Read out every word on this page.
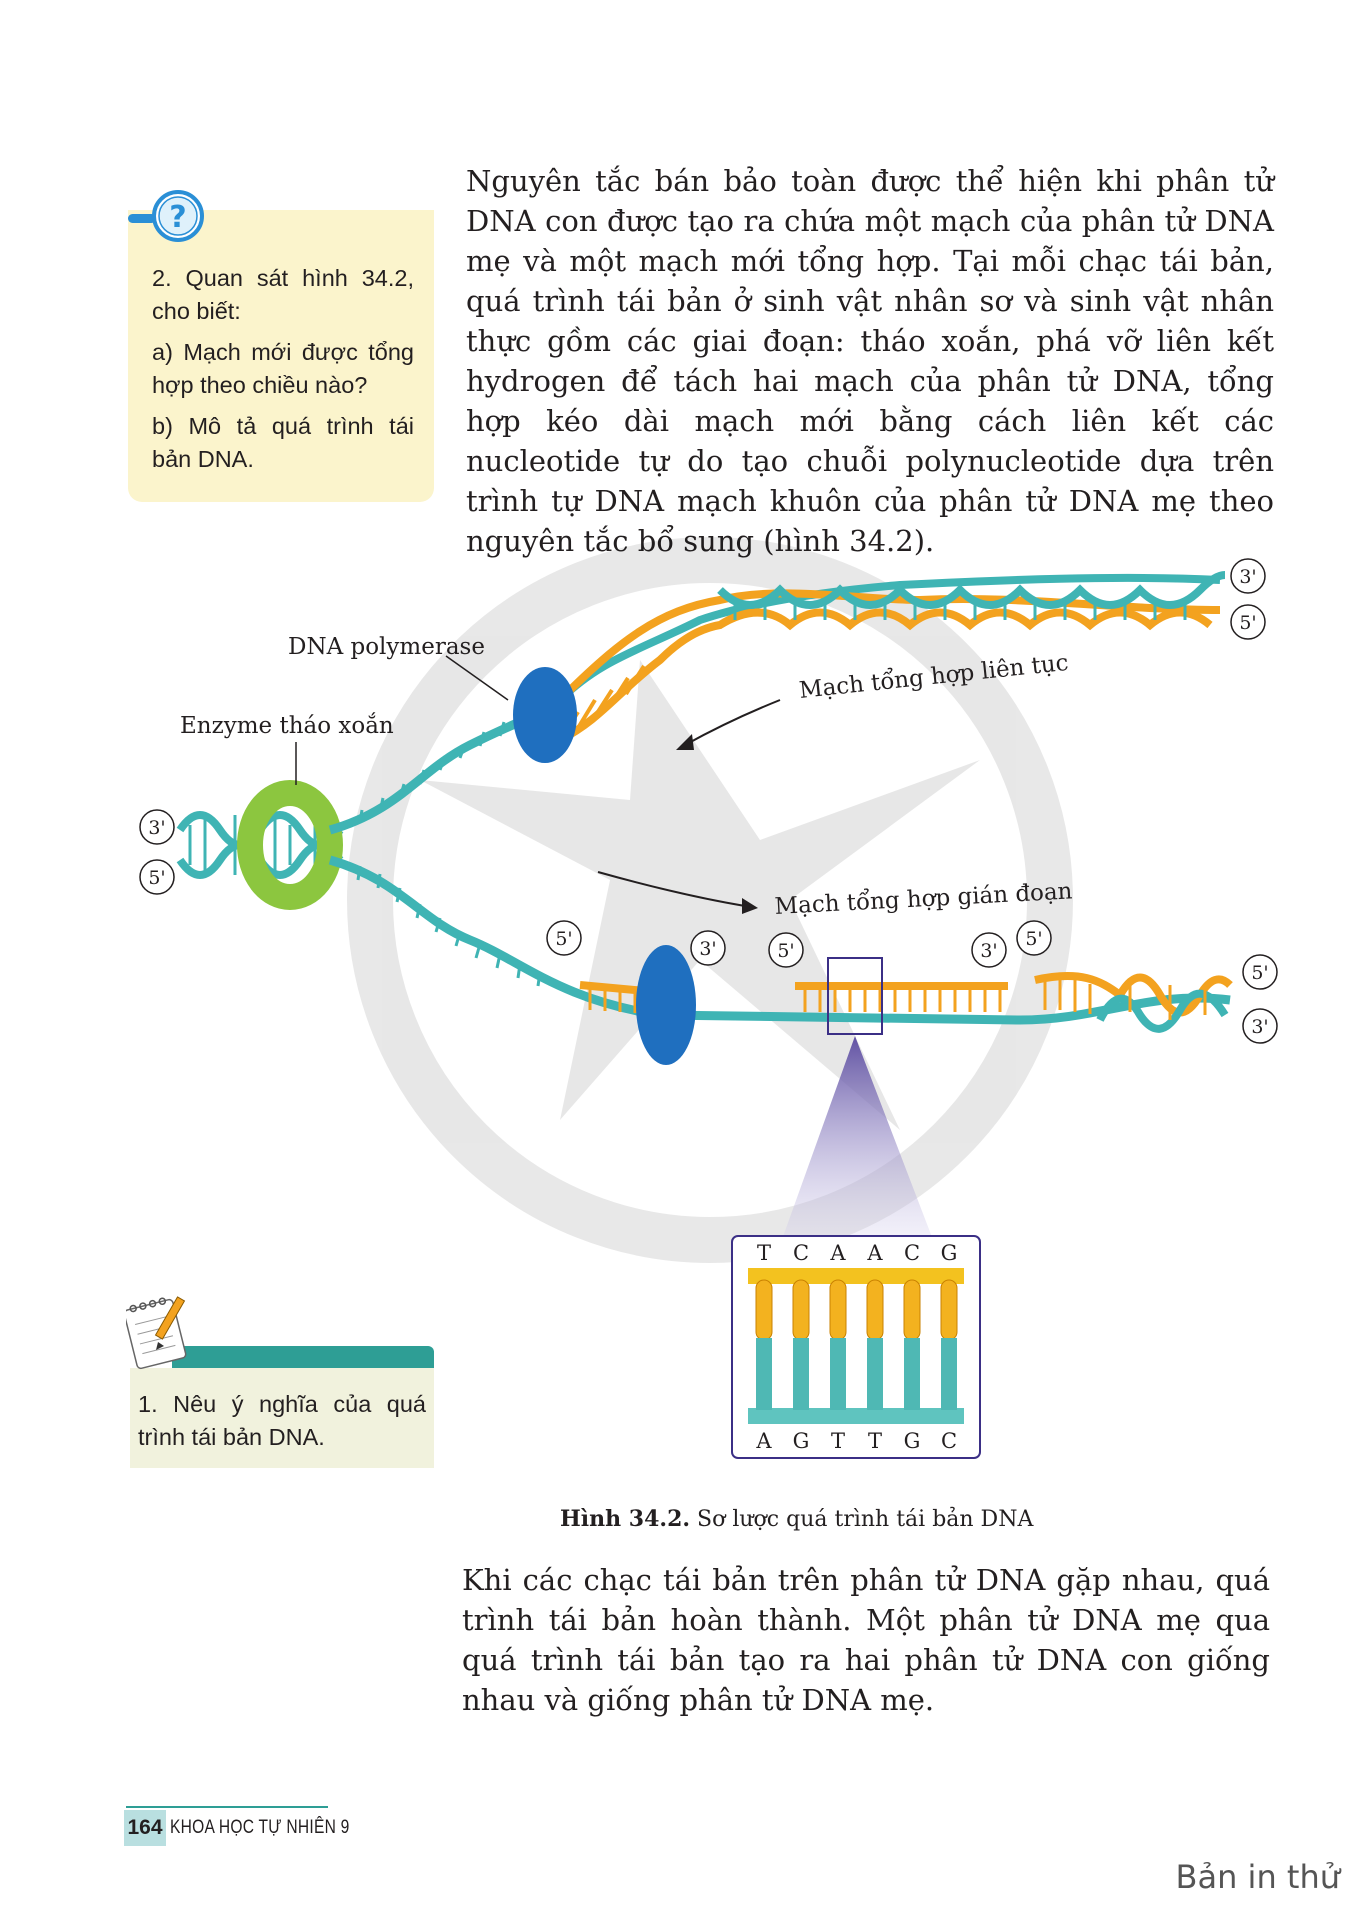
?

2. Quan sát hình 34.2, cho biết:

a) Mạch mới được tổng hợp theo chiều nào?

b) Mô tả quá trình tái bản DNA.

Nguyên tắc bán bảo toàn được thể hiện khi phân tử DNA con được tạo ra chứa một mạch của phân tử DNA mẹ và một mạch mới tổng hợp. Tại mỗi chạc tái bản, quá trình tái bản ở sinh vật nhân sơ và sinh vật nhân thực gồm các giai đoạn: tháo xoắn, phá vỡ liên kết hydrogen để tách hai mạch của phân tử DNA, tổng hợp kéo dài mạch mới bằng cách liên kết các nucleotide tự do tạo chuỗi polynucleotide dựa trên trình tự DNA mạch khuôn của phân tử DNA mẹ theo nguyên tắc bổ sung (hình 34.2).
T C A A C G
A G T T G C
DNA polymerase
Enzyme tháo xoắn
Mạch tổng hợp liên tục
Mạch tổng hợp gián đoạn
3'
5'
3'
5'
5'
3'
5'	3'	5'	3'
5'
1. Nêu ý nghĩa của quá trình tái bản DNA.
Hình 34.2. Sơ lược quá trình tái bản DNA
Khi các chạc tái bản trên phân tử DNA gặp nhau, quá trình tái bản hoàn thành. Một phân tử DNA mẹ qua quá trình tái bản tạo ra hai phân tử DNA con giống nhau và giống phân tử DNA mẹ.
164 KHOA HỌC TỰ NHIÊN 9
Bản in thử
